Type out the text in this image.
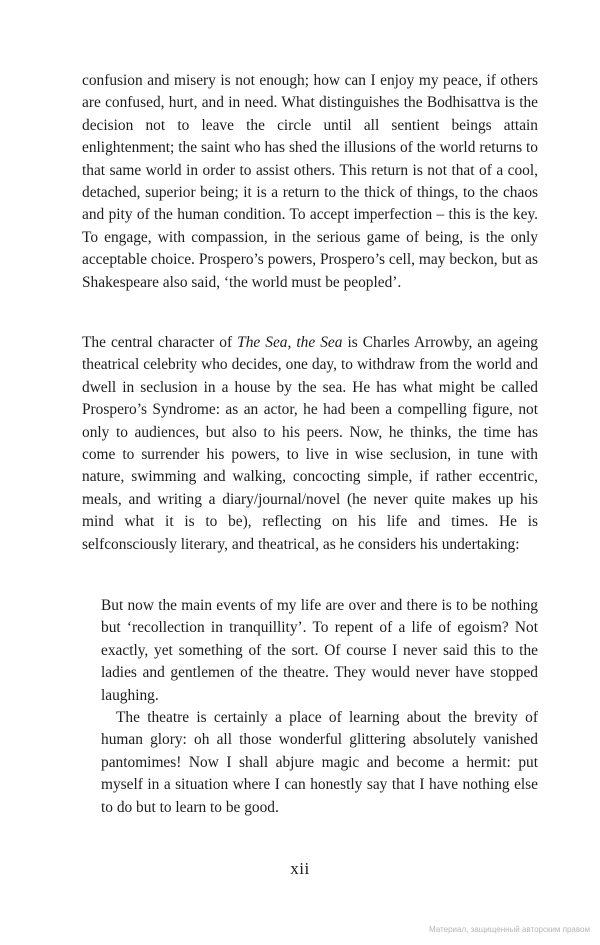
confusion and misery is not enough; how can I enjoy my peace, if others are confused, hurt, and in need. What distinguishes the Bodhisattva is the decision not to leave the circle until all sentient beings attain enlightenment; the saint who has shed the illusions of the world returns to that same world in order to assist others. This return is not that of a cool, detached, superior being; it is a return to the thick of things, to the chaos and pity of the human condition. To accept imperfection – this is the key. To engage, with compassion, in the serious game of being, is the only acceptable choice. Prospero’s powers, Prospero’s cell, may beckon, but as Shakespeare also said, ‘the world must be peopled’.

The central character of The Sea, the Sea is Charles Arrowby, an ageing theatrical celebrity who decides, one day, to withdraw from the world and dwell in seclusion in a house by the sea. He has what might be called Prospero’s Syndrome: as an actor, he had been a compelling figure, not only to audiences, but also to his peers. Now, he thinks, the time has come to surrender his powers, to live in wise seclusion, in tune with nature, swimming and walking, concocting simple, if rather eccentric, meals, and writing a diary/journal/novel (he never quite makes up his mind what it is to be), reflecting on his life and times. He is selfconsciously literary, and theatrical, as he considers his undertaking:

But now the main events of my life are over and there is to be nothing but ‘recollection in tranquillity’. To repent of a life of egoism? Not exactly, yet something of the sort. Of course I never said this to the ladies and gentlemen of the theatre. They would never have stopped laughing.

The theatre is certainly a place of learning about the brevity of human glory: oh all those wonderful glittering absolutely vanished pantomimes! Now I shall abjure magic and become a hermit: put myself in a situation where I can honestly say that I have nothing else to do but to learn to be good.

xii
Материал, защищенный авторским правом
